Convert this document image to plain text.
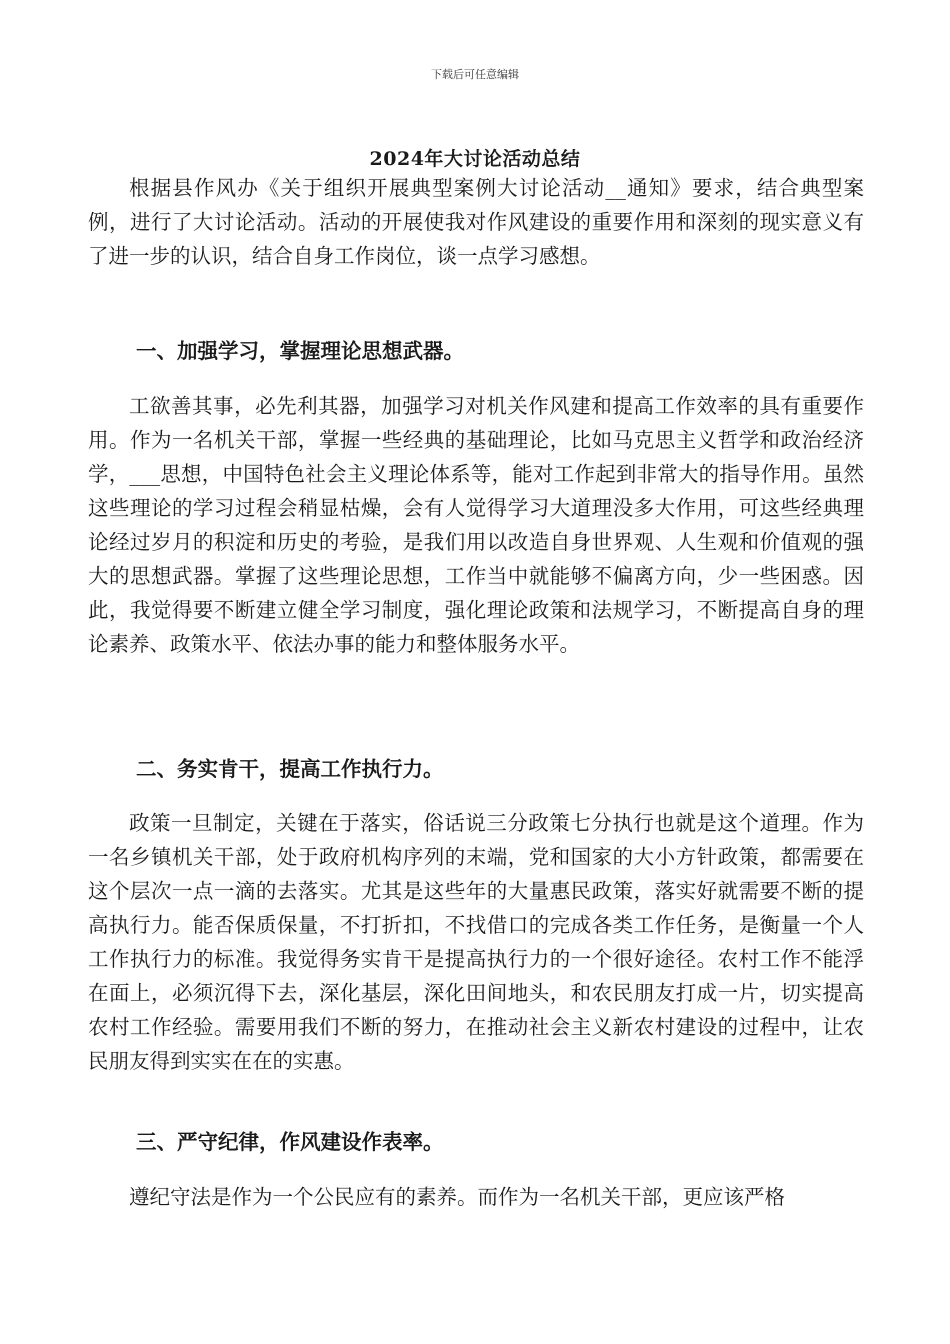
下载后可任意编辑
2024年大讨论活动总结

根据县作风办《关于组织开展典型案例大讨论活动__通知》要求，结合典型案例，进行了大讨论活动。活动的开展使我对作风建设的重要作用和深刻的现实意义有了进一步的认识，结合自身工作岗位，谈一点学习感想。

一、加强学习，掌握理论思想武器。

工欲善其事，必先利其器，加强学习对机关作风建和提高工作效率的具有重要作用。作为一名机关干部，掌握一些经典的基础理论，比如马克思主义哲学和政治经济学，___思想，中国特色社会主义理论体系等，能对工作起到非常大的指导作用。虽然这些理论的学习过程会稍显枯燥，会有人觉得学习大道理没多大作用，可这些经典理论经过岁月的积淀和历史的考验，是我们用以改造自身世界观、人生观和价值观的强大的思想武器。掌握了这些理论思想，工作当中就能够不偏离方向，少一些困惑。因此，我觉得要不断建立健全学习制度，强化理论政策和法规学习，不断提高自身的理论素养、政策水平、依法办事的能力和整体服务水平。

二、务实肯干，提高工作执行力。

政策一旦制定，关键在于落实，俗话说三分政策七分执行也就是这个道理。作为一名乡镇机关干部，处于政府机构序列的末端，党和国家的大小方针政策，都需要在这个层次一点一滴的去落实。尤其是这些年的大量惠民政策，落实好就需要不断的提高执行力。能否保质保量，不打折扣，不找借口的完成各类工作任务，是衡量一个人工作执行力的标准。我觉得务实肯干是提高执行力的一个很好途径。农村工作不能浮在面上，必须沉得下去，深化基层，深化田间地头，和农民朋友打成一片，切实提高农村工作经验。需要用我们不断的努力，在推动社会主义新农村建设的过程中，让农民朋友得到实实在在的实惠。

三、严守纪律，作风建设作表率。

遵纪守法是作为一个公民应有的素养。而作为一名机关干部，更应该严格
